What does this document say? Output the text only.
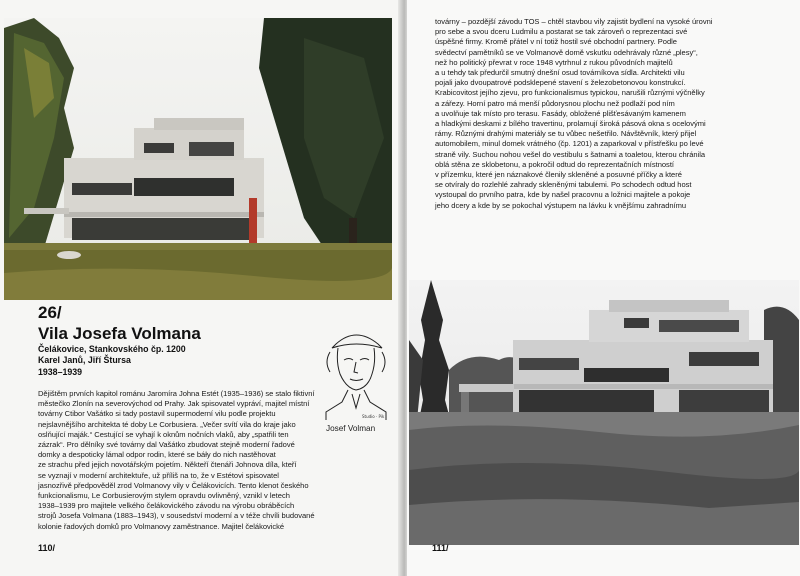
26/
Vila Josefa Volmana
Čelákovice, Stankovského čp. 1200
Karel Janů, Jiří Štursa
1938–1939
Studio · Pik
Josef Volman
Dějištěm prvních kapitol románu Jaromíra Johna Estét (1935–1936) se stalo fiktivní
městečko Zlonín na severovýchod od Prahy. Jak spisovatel vypráví, majitel místní
továrny Ctibor Vašátko si tady postavil supermoderní vilu podle projektu
nejslavnějšího architekta té doby Le Corbusiera. „Večer svítí vila do kraje jako
oslňující maják.“ Cestující se vyhají k oknům nočních vlaků, aby „spatřili ten
zázrak“. Pro dělníky své továrny dal Vašátko zbudovat stejně moderní řadové
domky a despoticky lámal odpor rodin, které se báły do nich nastěhovat
ze strachu před jejich novotářským pojetím. Někteří čtenáři Johnova díla, kteří
se vyznají v moderní architektuře, už příliš na to, že v Estétovi spisovatel
jasnozřivě předpověděl zrod Volmanovy vily v Čelákovicích. Tento klenot českého
funkcionalismu, Le Corbusierovým stylem opravdu ovlivněný, vznikl v letech
1938–1939 pro majitele velkého čelákovického závodu na výrobu obráběcích
strojů Josefa Volmana (1883–1943), v sousedství moderní a v téže chvíli budované
kolonie řadových domků pro Volmanovy zaměstnance. Majitel čelákovické
110/
továrny – pozdější závodu TOS – chtěl stavbou vily zajistit bydlení na vysoké úrovni
pro sebe a svou dceru Ludmilu a postarat se tak zároveň o reprezentaci své
úspěšné firmy. Kromě přátel v ní totiž hostil své obchodní partnery. Podle
svědectví pamětníků se ve Volmanově domě vskutku odehrávaly různé „plesy“,
než ho politický převrat v roce 1948 vytrhnul z rukou původních majitelů
a u tehdy tak předurčil smutný dnešní osud továrníkova sídla. Architekti vilu
pojali jako dvoupatrové podsklepené stavení s železobetonovou konstrukcí.
Krabicovitost jejího zjevu, pro funkcionalismus typickou, narušili různými výčnělky
a zářezy. Horní patro má menší půdorysnou plochu než podlaží pod ním
a uvolňuje tak místo pro terasu. Fasády, obložené plišťesávaným kamenem
a hladkými deskami z bílého travertinu, prolamují široká pásová okna s ocelovými
rámy. Různými drahými materiály se tu vůbec nešetřilo. Návštěvník, který přijel
automobilem, minul domek vrátného (čp. 1201) a zaparkoval v přístřešku po levé
straně vily. Suchou nohou vešel do vestibulu s šatnami a toaletou, kterou chránila
oblá stěna ze sklobetonu, a pokročil odtud do reprezentačních místností
v přízemku, které jen náznakové členily skleněné a posuvné příčky a které
se otvíraly do rozlehlé zahrady skleněnými tabulemi. Po schodech odtud host
vystoupal do prvního patra, kde by našel pracovnu a ložnici majitele a pokoje
jeho dcery a kde by se pokochal výstupem na lávku k vnějšímu zahradnímu
111/
